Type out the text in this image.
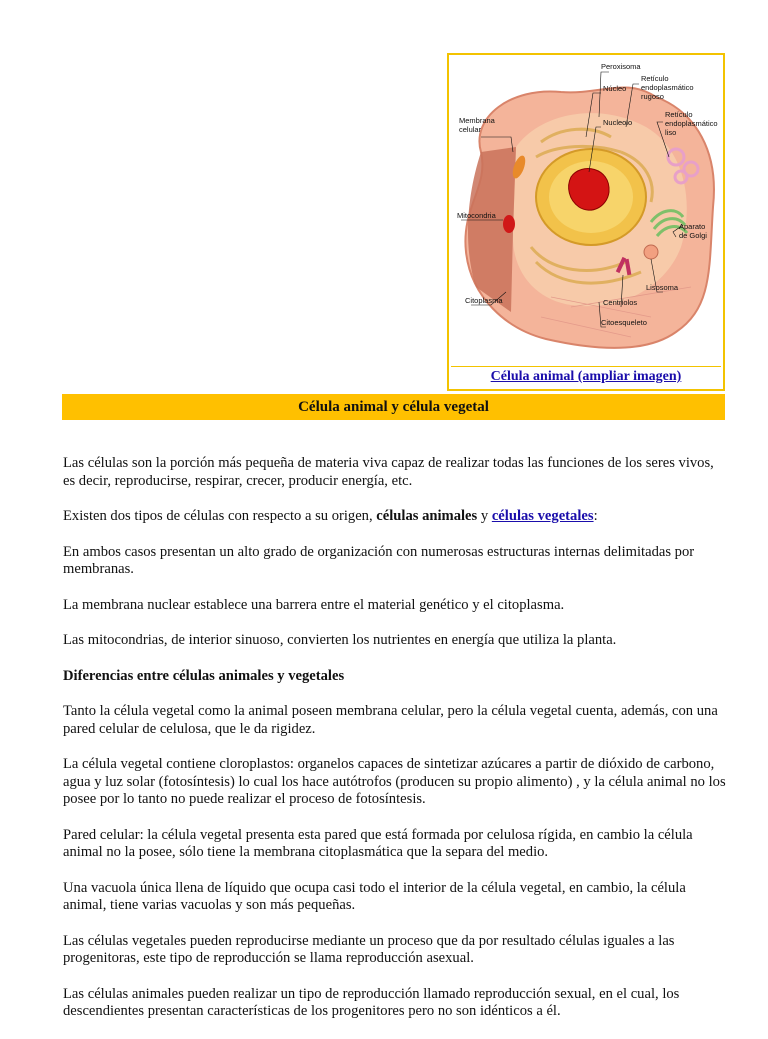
Peroxisoma
Núcleo
Retículo
endoplasmático
rugoso
Membrana
celular
Nucleolo
Retículo
endoplasmático
liso
Mitocondria
Aparato
de Golgi
Lisosoma
Centríolos
Citoplasma
Citoesqueleto
Célula animal (ampliar imagen)
Célula animal y célula vegetal

Las células son la porción más pequeña de materia viva capaz de realizar todas las funciones de los seres vivos, es decir, reproducirse, respirar, crecer, producir energía, etc.

Existen dos tipos de células con respecto a su origen, células animales y células vegetales:

En ambos casos presentan un alto grado de organización con numerosas estructuras internas delimitadas por membranas.

La membrana nuclear establece una barrera entre el material genético y el citoplasma.

Las mitocondrias, de interior sinuoso, convierten los nutrientes en energía que utiliza la planta.

Diferencias entre células animales y vegetales

Tanto la célula vegetal como la animal poseen membrana celular, pero la célula vegetal cuenta, además, con una pared celular de celulosa, que le da rigidez.

La célula vegetal contiene cloroplastos: organelos capaces de sintetizar azúcares a partir de dióxido de carbono, agua y luz solar (fotosíntesis) lo cual los hace autótrofos (producen su propio alimento) , y la célula animal no los posee por lo tanto no puede realizar el proceso de fotosíntesis.

Pared celular: la célula vegetal presenta esta pared que está formada por celulosa rígida, en cambio la célula animal no la posee, sólo tiene la membrana citoplasmática que la separa del medio.

Una vacuola única llena de líquido que ocupa casi todo el interior de la célula vegetal, en cambio, la célula animal, tiene varias vacuolas y son más pequeñas.

Las células vegetales pueden reproducirse mediante un proceso que da por resultado células iguales a las progenitoras, este tipo de reproducción se llama reproducción asexual.

Las células animales pueden realizar un tipo de reproducción llamado reproducción sexual, en el cual, los descendientes presentan características de los progenitores pero no son idénticos a él.
